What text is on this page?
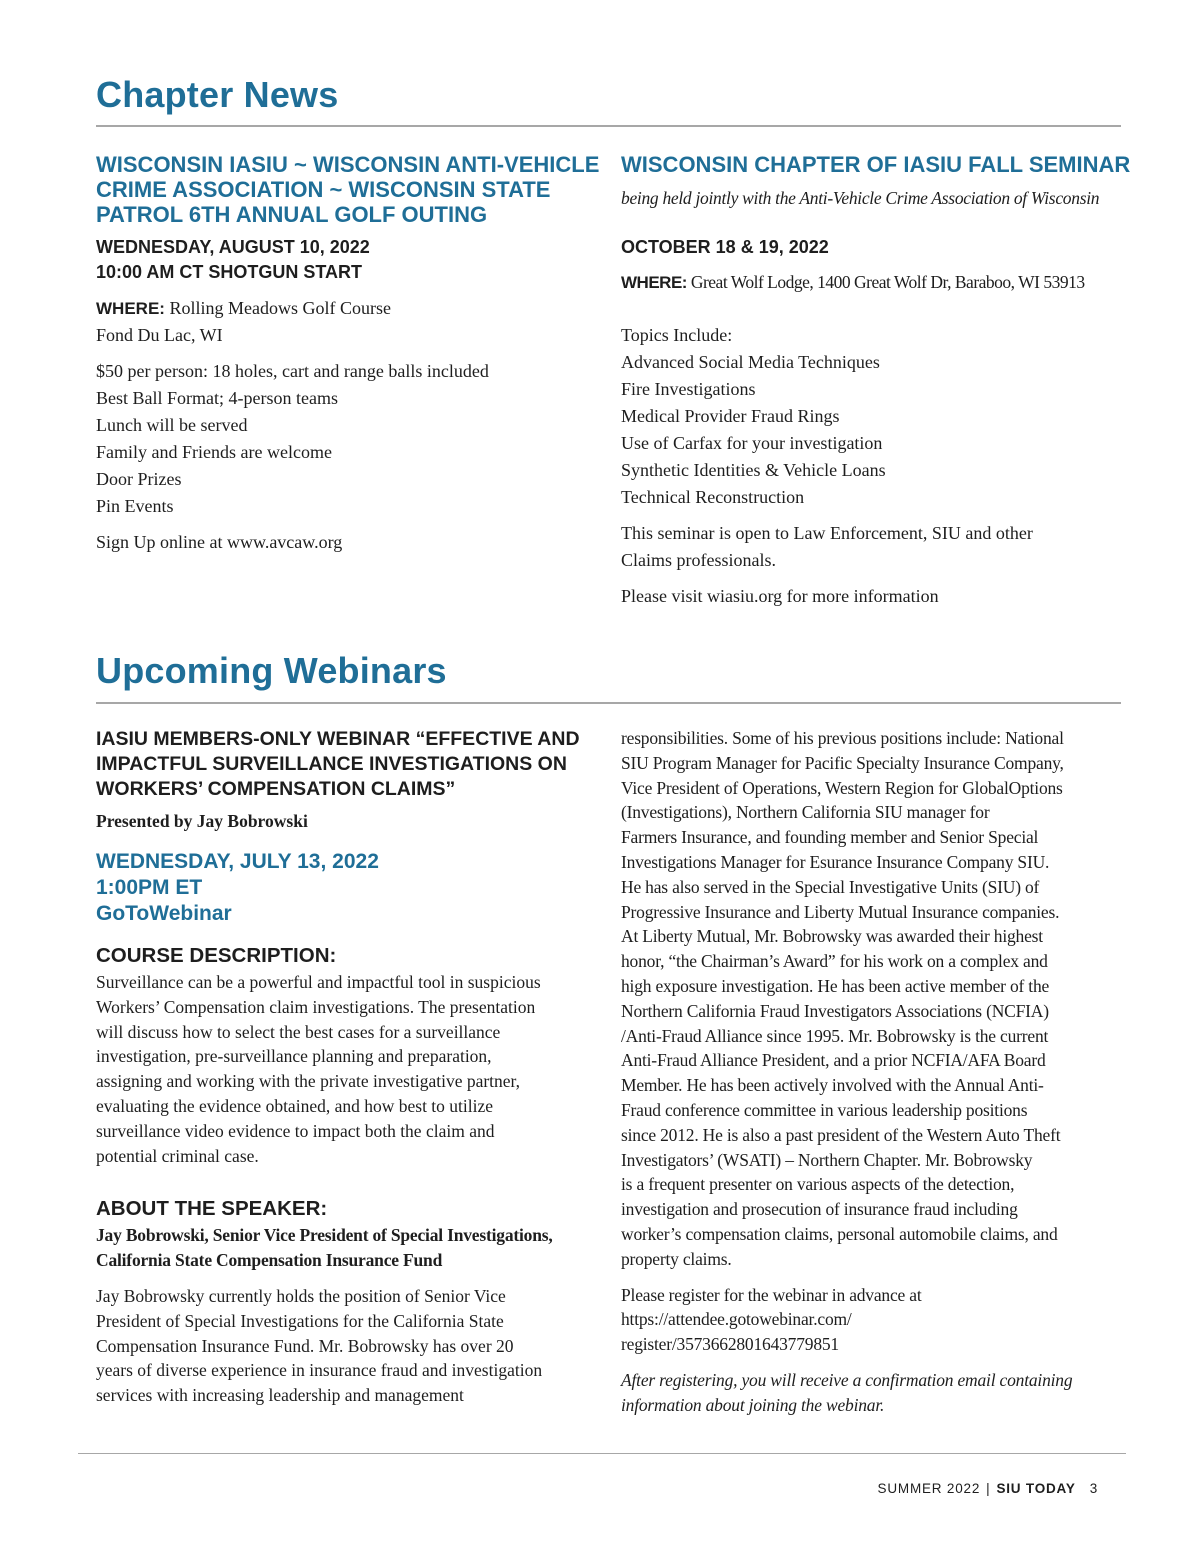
Chapter News
WISCONSIN IASIU ~ WISCONSIN ANTI-VEHICLE
CRIME ASSOCIATION ~ WISCONSIN STATE
PATROL 6TH ANNUAL GOLF OUTING
WEDNESDAY, AUGUST 10, 2022
10:00 AM CT SHOTGUN START
WHERE: Rolling Meadows Golf Course
Fond Du Lac, WI
$50 per person: 18 holes, cart and range balls included
Best Ball Format; 4-person teams
Lunch will be served
Family and Friends are welcome
Door Prizes
Pin Events
Sign Up online at www.avcaw.org
WISCONSIN CHAPTER OF IASIU FALL SEMINAR
being held jointly with the Anti-Vehicle Crime Association of Wisconsin
OCTOBER 18 & 19, 2022
WHERE: Great Wolf Lodge, 1400 Great Wolf Dr, Baraboo, WI 53913
Topics Include:
Advanced Social Media Techniques
Fire Investigations
Medical Provider Fraud Rings
Use of Carfax for your investigation
Synthetic Identities & Vehicle Loans
Technical Reconstruction
This seminar is open to Law Enforcement, SIU and other
Claims professionals.
Please visit wiasiu.org for more information
Upcoming Webinars
IASIU MEMBERS-ONLY WEBINAR “EFFECTIVE AND
IMPACTFUL SURVEILLANCE INVESTIGATIONS ON
WORKERS’ COMPENSATION CLAIMS”
Presented by Jay Bobrowski
WEDNESDAY, JULY 13, 2022
1:00PM ET
GoToWebinar
COURSE DESCRIPTION:
Surveillance can be a powerful and impactful tool in suspicious
Workers’ Compensation claim investigations. The presentation
will discuss how to select the best cases for a surveillance
investigation, pre-surveillance planning and preparation,
assigning and working with the private investigative partner,
evaluating the evidence obtained, and how best to utilize
surveillance video evidence to impact both the claim and
potential criminal case.
ABOUT THE SPEAKER:
Jay Bobrowski, Senior Vice President of Special Investigations,
California State Compensation Insurance Fund
Jay Bobrowsky currently holds the position of Senior Vice
President of Special Investigations for the California State
Compensation Insurance Fund. Mr. Bobrowsky has over 20
years of diverse experience in insurance fraud and investigation
services with increasing leadership and management
responsibilities. Some of his previous positions include: National
SIU Program Manager for Pacific Specialty Insurance Company,
Vice President of Operations, Western Region for GlobalOptions
(Investigations), Northern California SIU manager for
Farmers Insurance, and founding member and Senior Special
Investigations Manager for Esurance Insurance Company SIU.
He has also served in the Special Investigative Units (SIU) of
Progressive Insurance and Liberty Mutual Insurance companies.
At Liberty Mutual, Mr. Bobrowsky was awarded their highest
honor, “the Chairman’s Award” for his work on a complex and
high exposure investigation. He has been active member of the
Northern California Fraud Investigators Associations (NCFIA)
/Anti-Fraud Alliance since 1995. Mr. Bobrowsky is the current
Anti-Fraud Alliance President, and a prior NCFIA/AFA Board
Member. He has been actively involved with the Annual Anti-
Fraud conference committee in various leadership positions
since 2012. He is also a past president of the Western Auto Theft
Investigators’ (WSATI) – Northern Chapter. Mr. Bobrowsky
is a frequent presenter on various aspects of the detection,
investigation and prosecution of insurance fraud including
worker’s compensation claims, personal automobile claims, and
property claims.
Please register for the webinar in advance at
https://attendee.gotowebinar.com/
register/3573662801643779851
After registering, you will receive a confirmation email containing
information about joining the webinar.
SUMMER 2022 | SIU TODAY 3
